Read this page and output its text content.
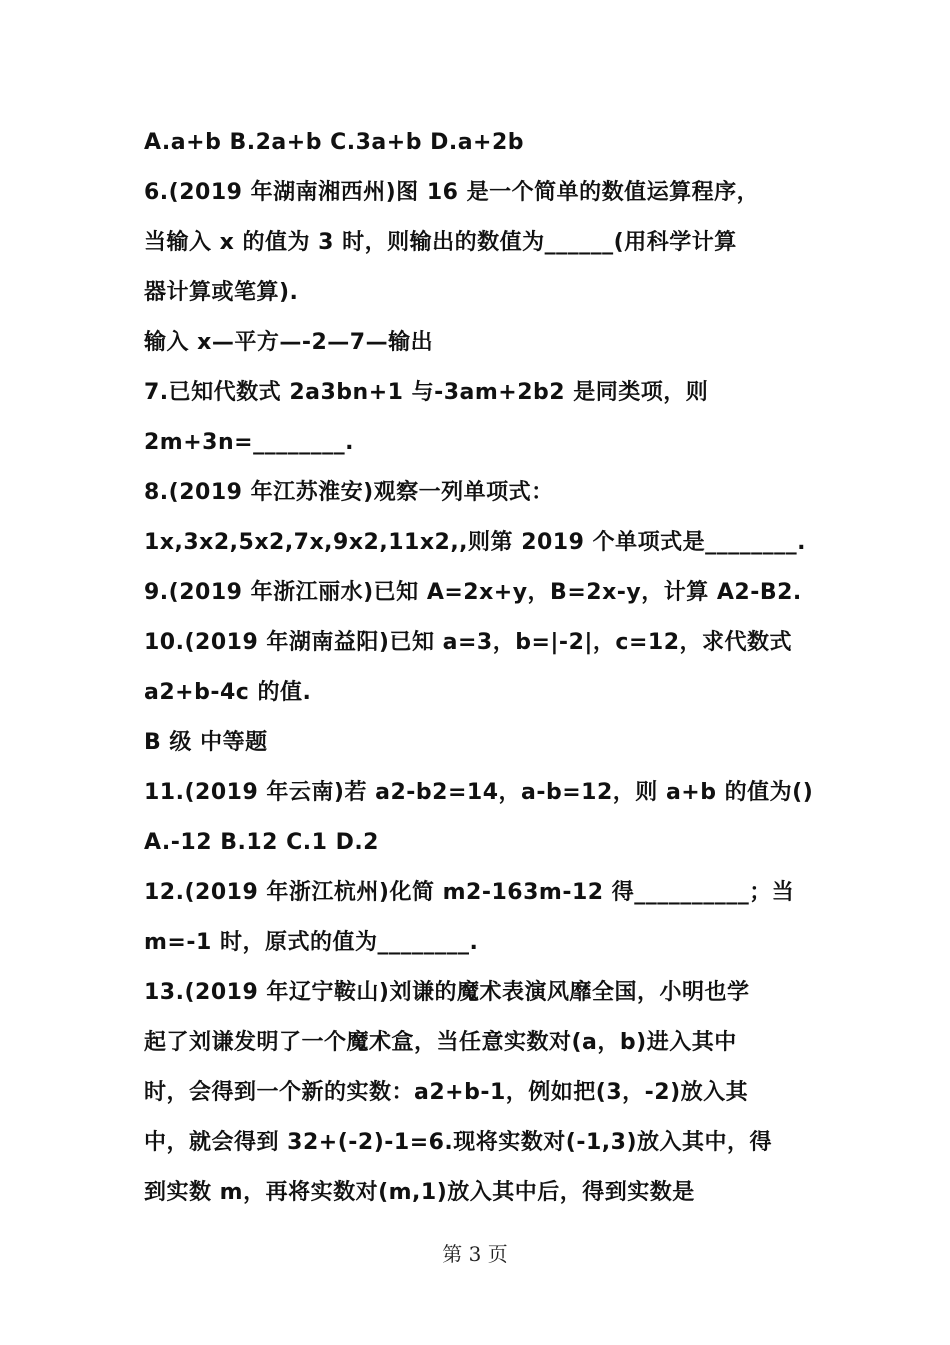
A.a+b B.2a+b C.3a+b D.a+2b
6.(2019 年湖南湘西州)图 16 是一个简单的数值运算程序，
当输入 x 的值为 3 时，则输出的数值为______(用科学计算
器计算或笔算).
输入 x—平方—-2—7—输出
7.已知代数式 2a3bn+1 与-3am+2b2 是同类项，则
2m+3n=________.
8.(2019 年江苏淮安)观察一列单项式：
1x,3x2,5x2,7x,9x2,11x2,,则第 2019 个单项式是________.
9.(2019 年浙江丽水)已知 A=2x+y，B=2x-y，计算 A2-B2.
10.(2019 年湖南益阳)已知 a=3，b=|-2|，c=12，求代数式
a2+b-4c 的值.
B 级 中等题
11.(2019 年云南)若 a2-b2=14，a-b=12，则 a+b 的值为()
A.-12 B.12 C.1 D.2
12.(2019 年浙江杭州)化简 m2-163m-12 得__________；当
m=-1 时，原式的值为________.
13.(2019 年辽宁鞍山)刘谦的魔术表演风靡全国，小明也学
起了刘谦发明了一个魔术盒，当任意实数对(a，b)进入其中
时，会得到一个新的实数：a2+b-1，例如把(3，-2)放入其
中，就会得到 32+(-2)-1=6.现将实数对(-1,3)放入其中，得
到实数 m，再将实数对(m,1)放入其中后，得到实数是
第 3 页
